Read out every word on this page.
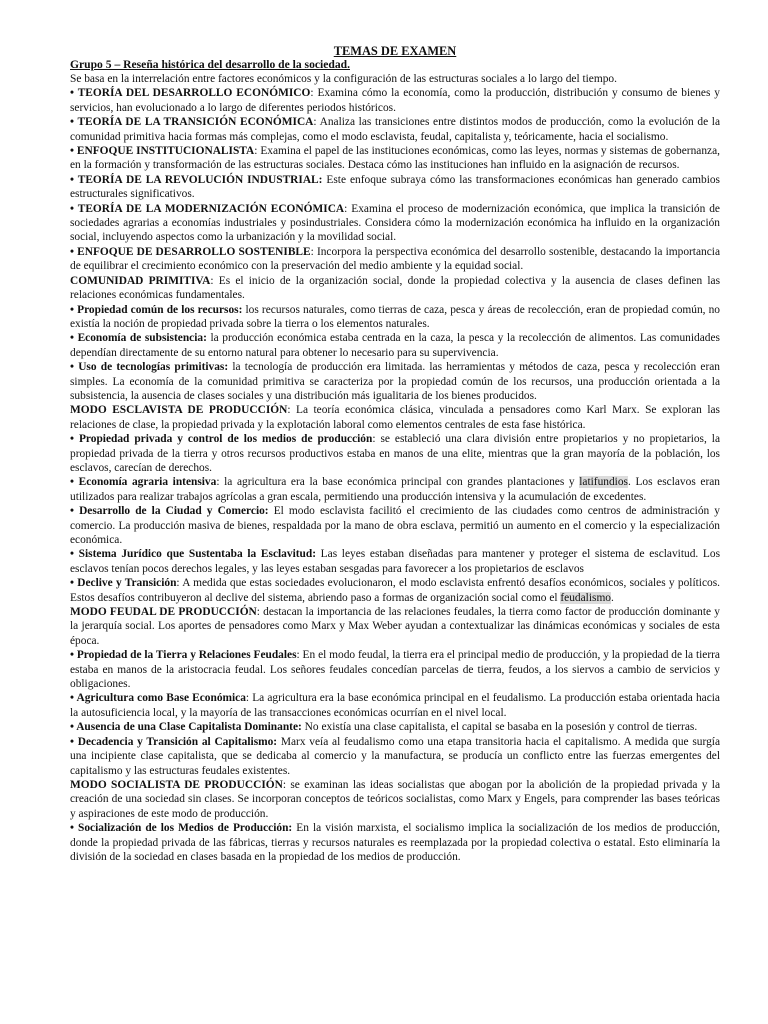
TEMAS DE EXAMEN
Grupo 5 – Reseña histórica del desarrollo de la sociedad.

Se basa en la interrelación entre factores económicos y la configuración de las estructuras sociales a lo largo del tiempo.

• TEORÍA DEL DESARROLLO ECONÓMICO: Examina cómo la economía, como la producción, distribución y consumo de bienes y servicios, han evolucionado a lo largo de diferentes periodos históricos.

• TEORÍA DE LA TRANSICIÓN ECONÓMICA: Analiza las transiciones entre distintos modos de producción, como la evolución de la comunidad primitiva hacia formas más complejas, como el modo esclavista, feudal, capitalista y, teóricamente, hacia el socialismo.

• ENFOQUE INSTITUCIONALISTA: Examina el papel de las instituciones económicas, como las leyes, normas y sistemas de gobernanza, en la formación y transformación de las estructuras sociales. Destaca cómo las instituciones han influido en la asignación de recursos.

• TEORÍA DE LA REVOLUCIÓN INDUSTRIAL: Este enfoque subraya cómo las transformaciones económicas han generado cambios estructurales significativos.

• TEORÍA DE LA MODERNIZACIÓN ECONÓMICA: Examina el proceso de modernización económica, que implica la transición de sociedades agrarias a economías industriales y posindustriales. Considera cómo la modernización económica ha influido en la organización social, incluyendo aspectos como la urbanización y la movilidad social.

• ENFOQUE DE DESARROLLO SOSTENIBLE: Incorpora la perspectiva económica del desarrollo sostenible, destacando la importancia de equilibrar el crecimiento económico con la preservación del medio ambiente y la equidad social.

COMUNIDAD PRIMITIVA: Es el inicio de la organización social, donde la propiedad colectiva y la ausencia de clases definen las relaciones económicas fundamentales.

• Propiedad común de los recursos: los recursos naturales, como tierras de caza, pesca y áreas de recolección, eran de propiedad común, no existía la noción de propiedad privada sobre la tierra o los elementos naturales.

• Economía de subsistencia: la producción económica estaba centrada en la caza, la pesca y la recolección de alimentos. Las comunidades dependían directamente de su entorno natural para obtener lo necesario para su supervivencia.

• Uso de tecnologías primitivas: la tecnología de producción era limitada. las herramientas y métodos de caza, pesca y recolección eran simples. La economía de la comunidad primitiva se caracteriza por la propiedad común de los recursos, una producción orientada a la subsistencia, la ausencia de clases sociales y una distribución más igualitaria de los bienes producidos.

MODO ESCLAVISTA DE PRODUCCIÓN: La teoría económica clásica, vinculada a pensadores como Karl Marx. Se exploran las relaciones de clase, la propiedad privada y la explotación laboral como elementos centrales de esta fase histórica.

• Propiedad privada y control de los medios de producción: se estableció una clara división entre propietarios y no propietarios, la propiedad privada de la tierra y otros recursos productivos estaba en manos de una elite, mientras que la gran mayoría de la población, los esclavos, carecían de derechos.

• Economía agraria intensiva: la agricultura era la base económica principal con grandes plantaciones y latifundios. Los esclavos eran utilizados para realizar trabajos agrícolas a gran escala, permitiendo una producción intensiva y la acumulación de excedentes.

• Desarrollo de la Ciudad y Comercio: El modo esclavista facilitó el crecimiento de las ciudades como centros de administración y comercio. La producción masiva de bienes, respaldada por la mano de obra esclava, permitió un aumento en el comercio y la especialización económica.

• Sistema Jurídico que Sustentaba la Esclavitud: Las leyes estaban diseñadas para mantener y proteger el sistema de esclavitud. Los esclavos tenían pocos derechos legales, y las leyes estaban sesgadas para favorecer a los propietarios de esclavos

• Declive y Transición: A medida que estas sociedades evolucionaron, el modo esclavista enfrentó desafíos económicos, sociales y políticos. Estos desafíos contribuyeron al declive del sistema, abriendo paso a formas de organización social como el feudalismo.

MODO FEUDAL DE PRODUCCIÓN: destacan la importancia de las relaciones feudales, la tierra como factor de producción dominante y la jerarquía social. Los aportes de pensadores como Marx y Max Weber ayudan a contextualizar las dinámicas económicas y sociales de esta época.

• Propiedad de la Tierra y Relaciones Feudales: En el modo feudal, la tierra era el principal medio de producción, y la propiedad de la tierra estaba en manos de la aristocracia feudal. Los señores feudales concedían parcelas de tierra, feudos, a los siervos a cambio de servicios y obligaciones.

• Agricultura como Base Económica: La agricultura era la base económica principal en el feudalismo. La producción estaba orientada hacia la autosuficiencia local, y la mayoría de las transacciones económicas ocurrían en el nivel local.

• Ausencia de una Clase Capitalista Dominante: No existía una clase capitalista, el capital se basaba en la posesión y control de tierras.

• Decadencia y Transición al Capitalismo: Marx veía al feudalismo como una etapa transitoria hacia el capitalismo. A medida que surgía una incipiente clase capitalista, que se dedicaba al comercio y la manufactura, se producía un conflicto entre las fuerzas emergentes del capitalismo y las estructuras feudales existentes.

MODO SOCIALISTA DE PRODUCCIÓN: se examinan las ideas socialistas que abogan por la abolición de la propiedad privada y la creación de una sociedad sin clases. Se incorporan conceptos de teóricos socialistas, como Marx y Engels, para comprender las bases teóricas y aspiraciones de este modo de producción.

• Socialización de los Medios de Producción: En la visión marxista, el socialismo implica la socialización de los medios de producción, donde la propiedad privada de las fábricas, tierras y recursos naturales es reemplazada por la propiedad colectiva o estatal. Esto eliminaría la división de la sociedad en clases basada en la propiedad de los medios de producción.
